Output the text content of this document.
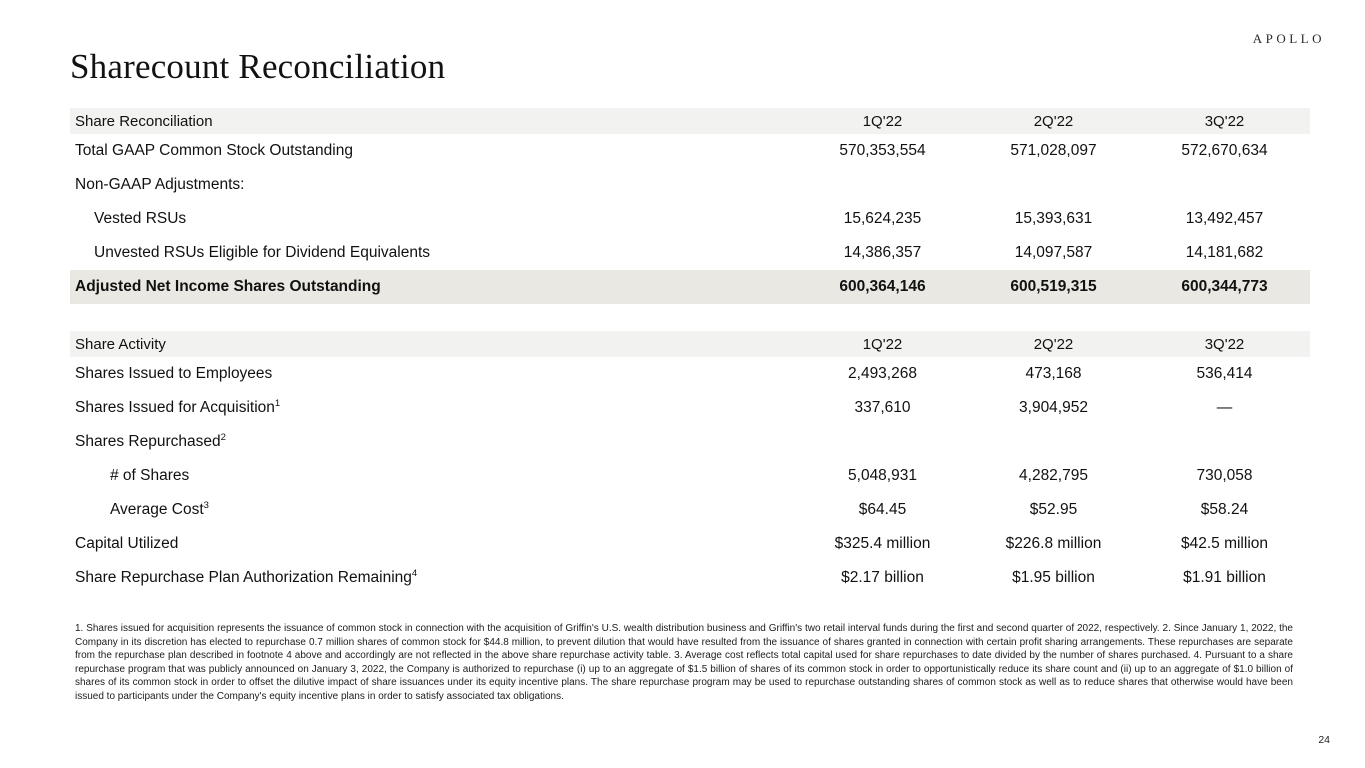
APOLLO
Sharecount Reconciliation
Share Reconciliation	1Q'22	2Q'22	3Q'22
Total GAAP Common Stock Outstanding	570,353,554	571,028,097	572,670,634
Non-GAAP Adjustments:
Vested RSUs	15,624,235	15,393,631	13,492,457
Unvested RSUs Eligible for Dividend Equivalents	14,386,357	14,097,587	14,181,682
Adjusted Net Income Shares Outstanding	600,364,146	600,519,315	600,344,773
Share Activity	1Q'22	2Q'22	3Q'22
Shares Issued to Employees	2,493,268	473,168	536,414
Shares Issued for Acquisition$^1$	337,610	3,904,952	—
Shares Repurchased$^2$
# of Shares	5,048,931	4,282,795	730,058
Average Cost$^3$	$64.45	$52.95	$58.24
Capital Utilized	$325.4 million	$226.8 million	$42.5 million
Share Repurchase Plan Authorization Remaining$^4$	$2.17 billion	$1.95 billion	$1.91 billion
1. Shares issued for acquisition represents the issuance of common stock in connection with the acquisition of Griffin's U.S. wealth distribution business and Griffin's two retail interval funds during the first and second quarter of 2022, respectively. 2. Since January 1, 2022, the Company in its discretion has elected to repurchase 0.7 million shares of common stock for $44.8 million, to prevent dilution that would have resulted from the issuance of shares granted in connection with certain profit sharing arrangements. These repurchases are separate from the repurchase plan described in footnote 4 above and accordingly are not reflected in the above share repurchase activity table. 3. Average cost reflects total capital used for share repurchases to date divided by the number of shares purchased. 4. Pursuant to a share repurchase program that was publicly announced on January 3, 2022, the Company is authorized to repurchase (i) up to an aggregate of $1.5 billion of shares of its common stock in order to opportunistically reduce its share count and (ii) up to an aggregate of $1.0 billion of shares of its common stock in order to offset the dilutive impact of share issuances under its equity incentive plans. The share repurchase program may be used to repurchase outstanding shares of common stock as well as to reduce shares that otherwise would have been issued to participants under the Company's equity incentive plans in order to satisfy associated tax obligations.
24
